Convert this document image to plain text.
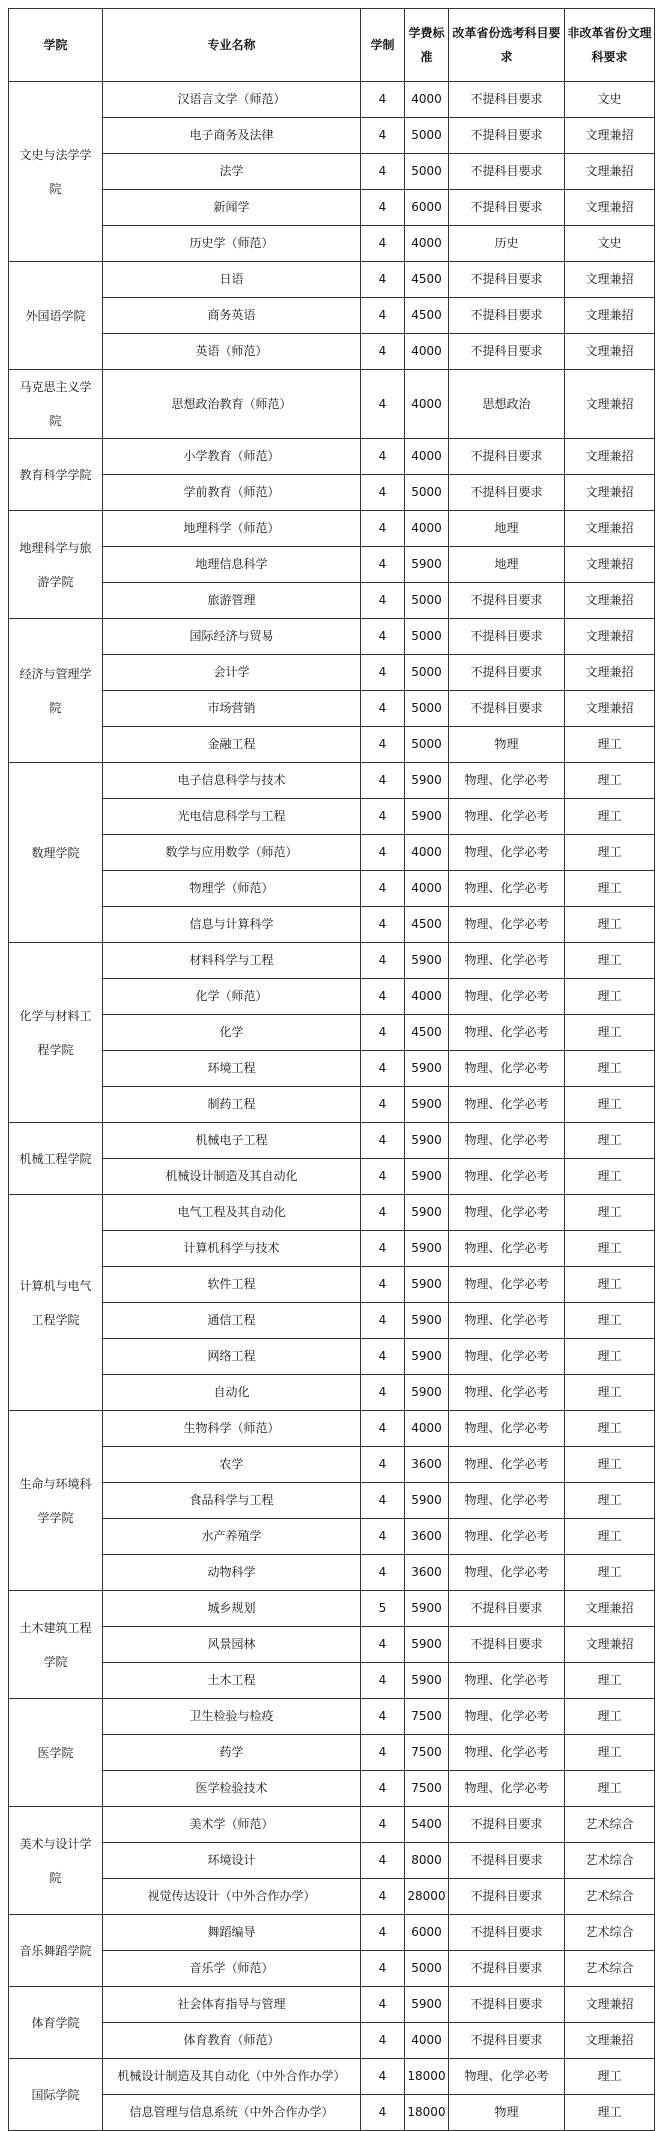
学院	专业名称	学制	学费标准	改革省份选考科目要求	非改革省份文理科要求
文史与法学学院	汉语言文学（师范）	4	4000	不提科目要求	文史
	电子商务及法律	4	5000	不提科目要求	文理兼招
	法学	4	5000	不提科目要求	文理兼招
	新闻学	4	6000	不提科目要求	文理兼招
	历史学（师范）	4	4000	历史	文史
外国语学院	日语	4	4500	不提科目要求	文理兼招
	商务英语	4	4500	不提科目要求	文理兼招
	英语（师范）	4	4000	不提科目要求	文理兼招
马克思主义学院	思想政治教育（师范）	4	4000	思想政治	文理兼招
教育科学学院	小学教育（师范）	4	4000	不提科目要求	文理兼招
	学前教育（师范）	4	5000	不提科目要求	文理兼招
地理科学与旅游学院	地理科学（师范）	4	4000	地理	文理兼招
	地理信息科学	4	5900	地理	文理兼招
	旅游管理	4	5000	不提科目要求	文理兼招
经济与管理学院	国际经济与贸易	4	5000	不提科目要求	文理兼招
	会计学	4	5000	不提科目要求	文理兼招
	市场营销	4	5000	不提科目要求	文理兼招
	金融工程	4	5000	物理	理工
数理学院	电子信息科学与技术	4	5900	物理、化学必考	理工
	光电信息科学与工程	4	5900	物理、化学必考	理工
	数学与应用数学（师范）	4	4000	物理、化学必考	理工
	物理学（师范）	4	4000	物理、化学必考	理工
	信息与计算科学	4	4500	物理、化学必考	理工
化学与材料工程学院	材料科学与工程	4	5900	物理、化学必考	理工
	化学（师范）	4	4000	物理、化学必考	理工
	化学	4	4500	物理、化学必考	理工
	环境工程	4	5900	物理、化学必考	理工
	制药工程	4	5900	物理、化学必考	理工
机械工程学院	机械电子工程	4	5900	物理、化学必考	理工
	机械设计制造及其自动化	4	5900	物理、化学必考	理工
计算机与电气工程学院	电气工程及其自动化	4	5900	物理、化学必考	理工
	计算机科学与技术	4	5900	物理、化学必考	理工
	软件工程	4	5900	物理、化学必考	理工
	通信工程	4	5900	物理、化学必考	理工
	网络工程	4	5900	物理、化学必考	理工
	自动化	4	5900	物理、化学必考	理工
生命与环境科学学院	生物科学（师范）	4	4000	物理、化学必考	理工
	农学	4	3600	物理、化学必考	理工
	食品科学与工程	4	5900	物理、化学必考	理工
	水产养殖学	4	3600	物理、化学必考	理工
	动物科学	4	3600	物理、化学必考	理工
土木建筑工程学院	城乡规划	5	5900	不提科目要求	文理兼招
	风景园林	4	5900	不提科目要求	文理兼招
	土木工程	4	5900	物理、化学必考	理工
医学院	卫生检验与检疫	4	7500	物理、化学必考	理工
	药学	4	7500	物理、化学必考	理工
	医学检验技术	4	7500	物理、化学必考	理工
美术与设计学院	美术学（师范）	4	5400	不提科目要求	艺术综合
	环境设计	4	8000	不提科目要求	艺术综合
	视觉传达设计（中外合作办学）	4	28000	不提科目要求	艺术综合
音乐舞蹈学院	舞蹈编导	4	6000	不提科目要求	艺术综合
	音乐学（师范）	4	5000	不提科目要求	艺术综合
体育学院	社会体育指导与管理	4	5900	不提科目要求	文理兼招
	体育教育（师范）	4	4000	不提科目要求	文理兼招
国际学院	机械设计制造及其自动化（中外合作办学）	4	18000	物理、化学必考	理工
	信息管理与信息系统（中外合作办学）	4	18000	物理	理工
